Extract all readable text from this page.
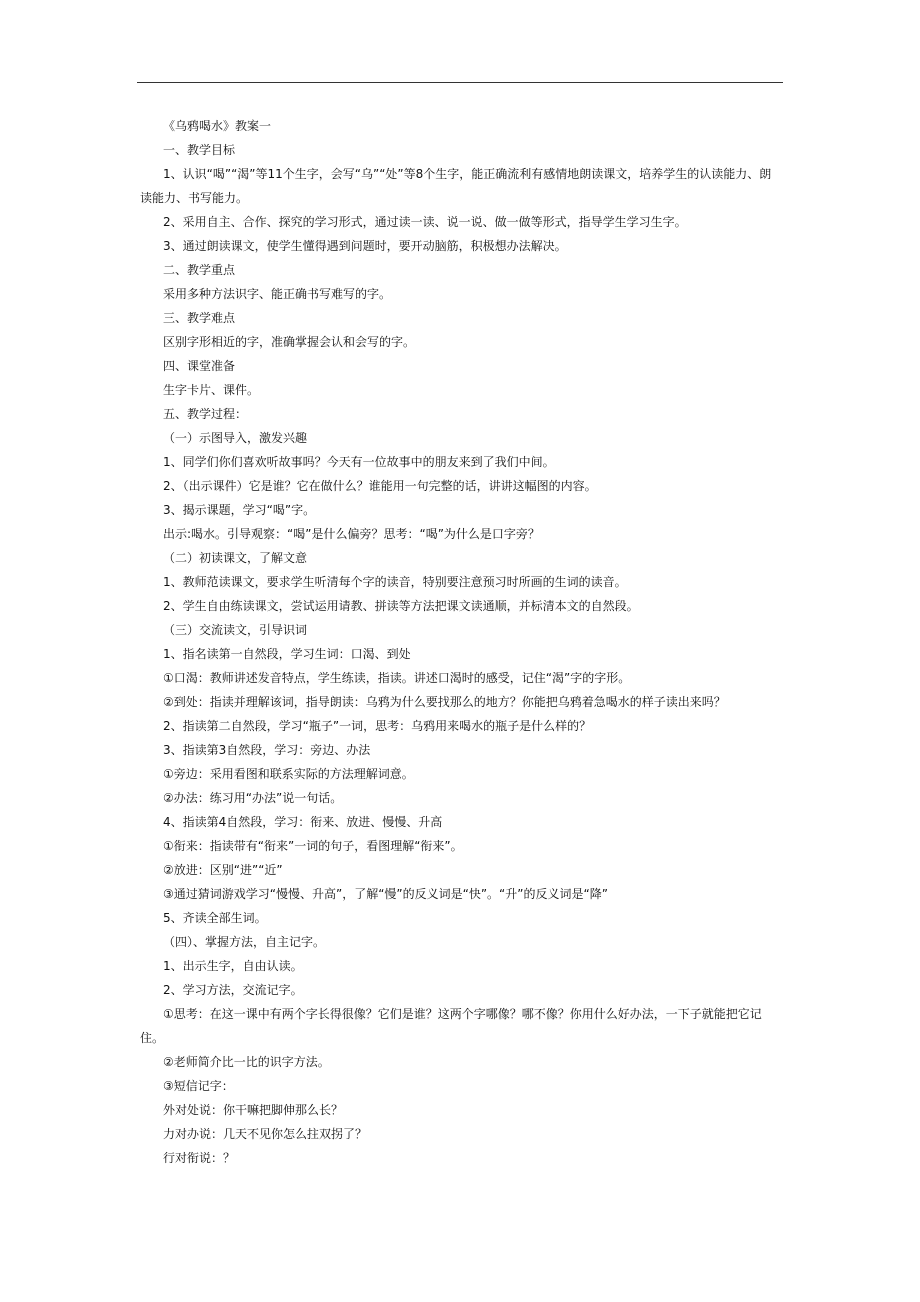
《乌鸦喝水》教案一
一、教学目标
1、认识“喝”“渴”等11个生字，会写“乌”“处”等8个生字，能正确流利有感情地朗读课文，培养学生的认读能力、朗读能力、书写能力。
2、采用自主、合作、探究的学习形式，通过读一读、说一说、做一做等形式，指导学生学习生字。
3、通过朗读课文，使学生懂得遇到问题时，要开动脑筋，积极想办法解决。
二、教学重点
采用多种方法识字、能正确书写难写的字。
三、教学难点
区别字形相近的字，准确掌握会认和会写的字。
四、课堂准备
生字卡片、课件。
五、教学过程：
（一）示图导入，激发兴趣
1、同学们你们喜欢听故事吗？今天有一位故事中的朋友来到了我们中间。
2、（出示课件）它是谁？它在做什么？谁能用一句完整的话，讲讲这幅图的内容。
3、揭示课题，学习“喝”字。
出示:喝水。引导观察：“喝”是什么偏旁？思考：“喝”为什么是口字旁？
（二）初读课文，了解文意
1、教师范读课文，要求学生听清每个字的读音，特别要注意预习时所画的生词的读音。
2、学生自由练读课文，尝试运用请教、拼读等方法把课文读通顺，并标清本文的自然段。
（三）交流读文，引导识词
1、指名读第一自然段，学习生词：口渴、到处
①口渴：教师讲述发音特点，学生练读，指读。讲述口渴时的感受，记住“渴”字的字形。
②到处：指读并理解该词，指导朗读：乌鸦为什么要找那么的地方？你能把乌鸦着急喝水的样子读出来吗？
2、指读第二自然段，学习“瓶子”一词，思考：乌鸦用来喝水的瓶子是什么样的？
3、指读第3自然段，学习：旁边、办法
①旁边：采用看图和联系实际的方法理解词意。
②办法：练习用“办法”说一句话。
4、指读第4自然段，学习：衔来、放进、慢慢、升高
①衔来：指读带有“衔来”一词的句子，看图理解“衔来”。
②放进：区别“进”“近”
③通过猜词游戏学习“慢慢、升高”，了解“慢”的反义词是“快”。“升”的反义词是“降”
5、齐读全部生词。
（四）、掌握方法，自主记字。
1、出示生字，自由认读。
2、学习方法，交流记字。
①思考：在这一课中有两个字长得很像？它们是谁？这两个字哪像？哪不像？你用什么好办法，一下子就能把它记住。
②老师简介比一比的识字方法。
③短信记字：
外对处说：你干嘛把脚伸那么长？
力对办说：几天不见你怎么拄双拐了？
行对衔说：？
